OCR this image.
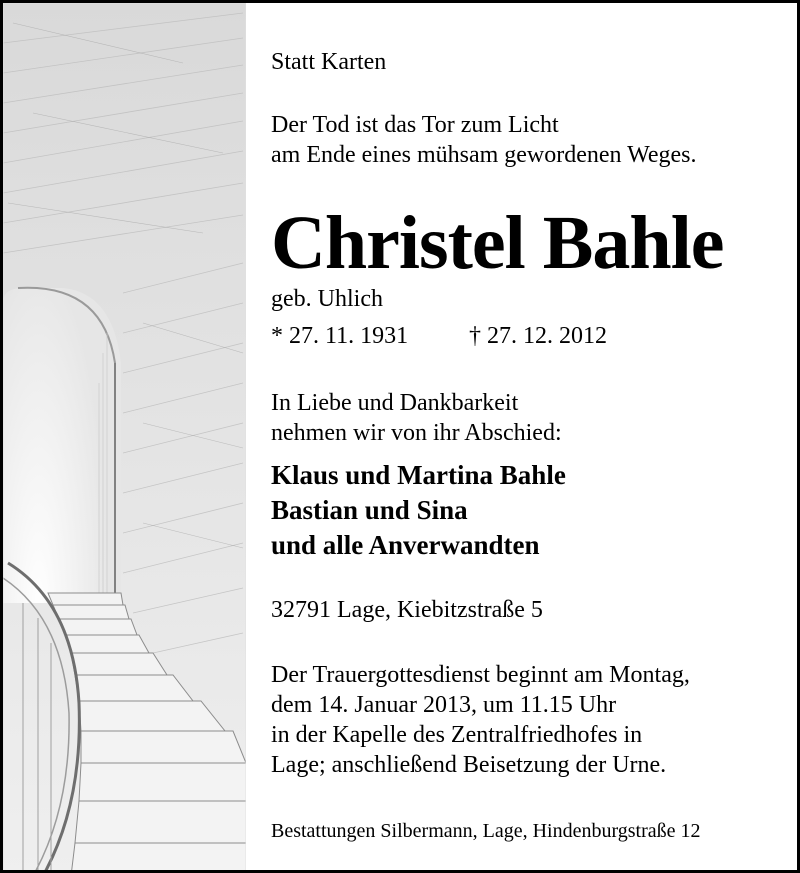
Statt Karten
Der Tod ist das Tor zum Licht
am Ende eines mühsam gewordenen Weges.
Christel Bahle
geb. Uhlich
* 27. 11. 1931	† 27. 12. 2012
In Liebe und Dankbarkeit
nehmen wir von ihr Abschied:
Klaus und Martina Bahle
Bastian und Sina
und alle Anverwandten
32791 Lage, Kiebitzstraße 5
Der Trauergottesdienst beginnt am Montag,
dem 14. Januar 2013, um 11.15 Uhr
in der Kapelle des Zentralfriedhofes in
Lage; anschließend Beisetzung der Urne.
Bestattungen Silbermann, Lage, Hindenburgstraße 12
